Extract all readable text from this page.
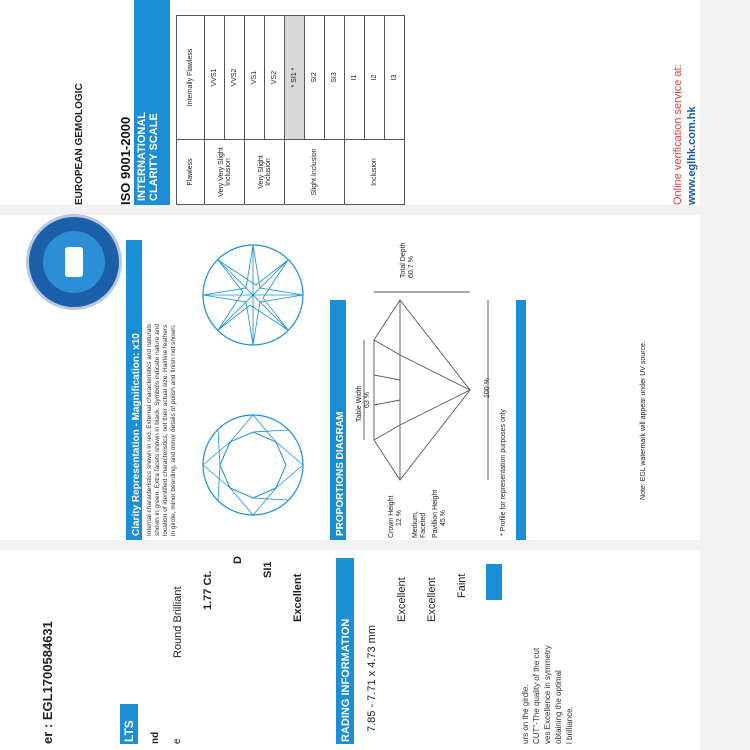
er : EGL1700584631	LTS nd e
Round Brilliant 1.77 Ct.
D
SI1
Excellent
RADING INFORMATION 7.85 - 7.71 x 4.73 mm
Excellent Excellent Faint
urs on the girdle. CUT"-The quality of the cut ves Excellence in symmetry obtaining the optimal l brilliance.
Clarity Representation - Magnification: x10 Internal characteristics shown in red. External characteristics and naturals shown in green. Extra facets shown in black. Symbols indicate nature and location of identified characteristics, not their actual size. Hairline feathers in girdle, minor bearding, and minor details of polish and finish not shown.	PROPORTIONS DIAGRAM
Table Width 63 %
Crown Height 12 %
Total Depth 60.7 %
Pavillion Height 45 %
Medium, Faceted
100 %
* Profile for representation purposes only	Note: EGL watermark will appear under UV source.
EUROPEAN GEMOLOGIC	ISO 9001-2000 INTERNATIONAL CLARITY SCALE	Flawless	Internally Flawless
Very Very Slight Inclusion	VVS1
	VVS2
Very Slight Inclusion	VS1
	VS2
Slight Inclusion	* SI1 *
	SI2
	SI3
Inclusion	I1
	I2
	I3	Online verification service at: www.eglhk.com.hk
